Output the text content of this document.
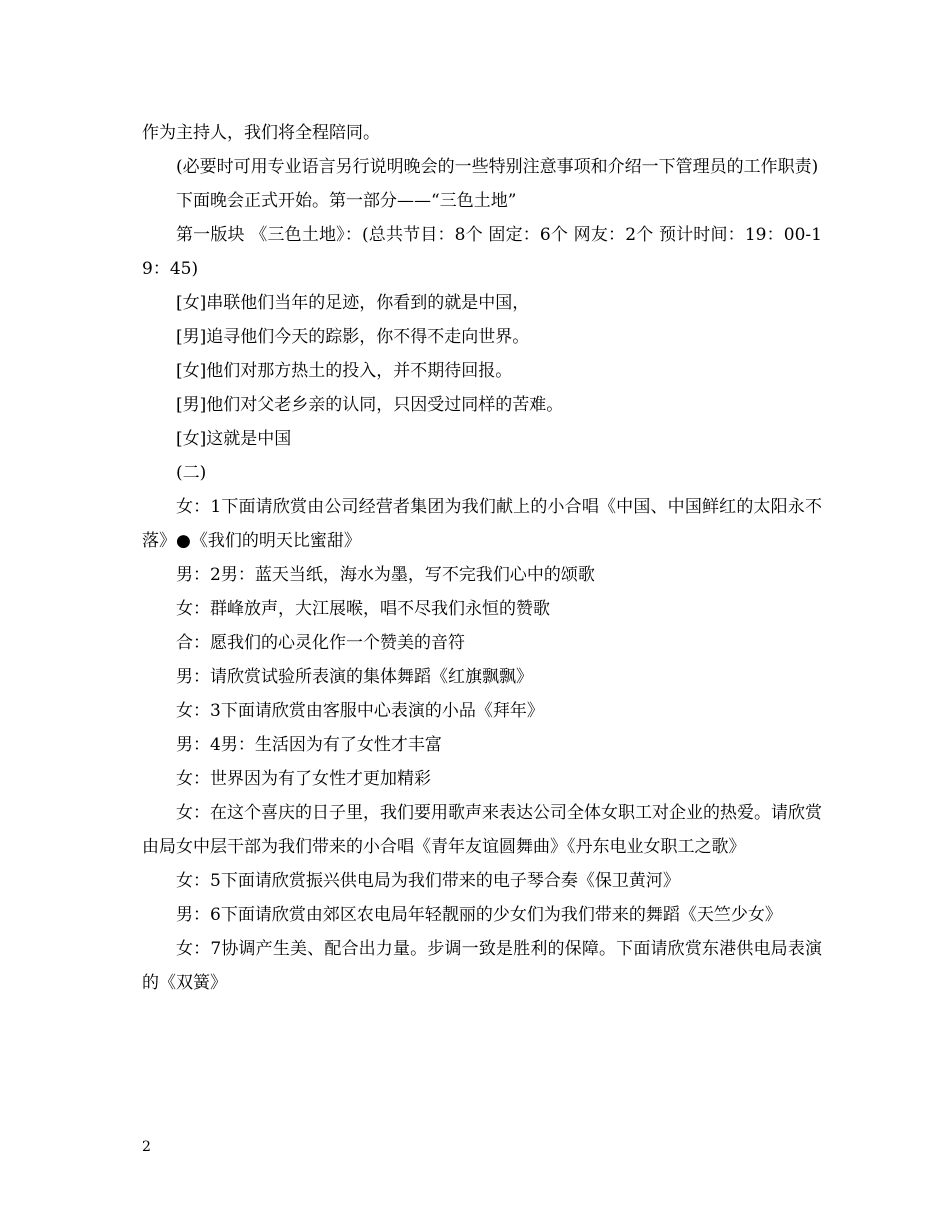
作为主持人，我们将全程陪同。

(必要时可用专业语言另行说明晚会的一些特别注意事项和介绍一下管理员的工作职责)

下面晚会正式开始。第一部分——“三色土地”

第一版块 《三色土地》：(总共节目：8个 固定：6个 网友：2个 预计时间：19：00-19：45)

[女]串联他们当年的足迹，你看到的就是中国，

[男]追寻他们今天的踪影，你不得不走向世界。

[女]他们对那方热土的投入，并不期待回报。

[男]他们对父老乡亲的认同，只因受过同样的苦难。

[女]这就是中国

(二)

女：1下面请欣赏由公司经营者集团为我们献上的小合唱《中国、中国鲜红的太阳永不落》●《我们的明天比蜜甜》

男：2男：蓝天当纸，海水为墨，写不完我们心中的颂歌

女：群峰放声，大江展喉，唱不尽我们永恒的赞歌

合：愿我们的心灵化作一个赞美的音符

男：请欣赏试验所表演的集体舞蹈《红旗飘飘》

女：3下面请欣赏由客服中心表演的小品《拜年》

男：4男：生活因为有了女性才丰富

女：世界因为有了女性才更加精彩

女：在这个喜庆的日子里，我们要用歌声来表达公司全体女职工对企业的热爱。请欣赏由局女中层干部为我们带来的小合唱《青年友谊圆舞曲》《丹东电业女职工之歌》

女：5下面请欣赏振兴供电局为我们带来的电子琴合奏《保卫黄河》

男：6下面请欣赏由郊区农电局年轻靓丽的少女们为我们带来的舞蹈《天竺少女》

女：7协调产生美、配合出力量。步调一致是胜利的保障。下面请欣赏东港供电局表演的《双簧》

2
